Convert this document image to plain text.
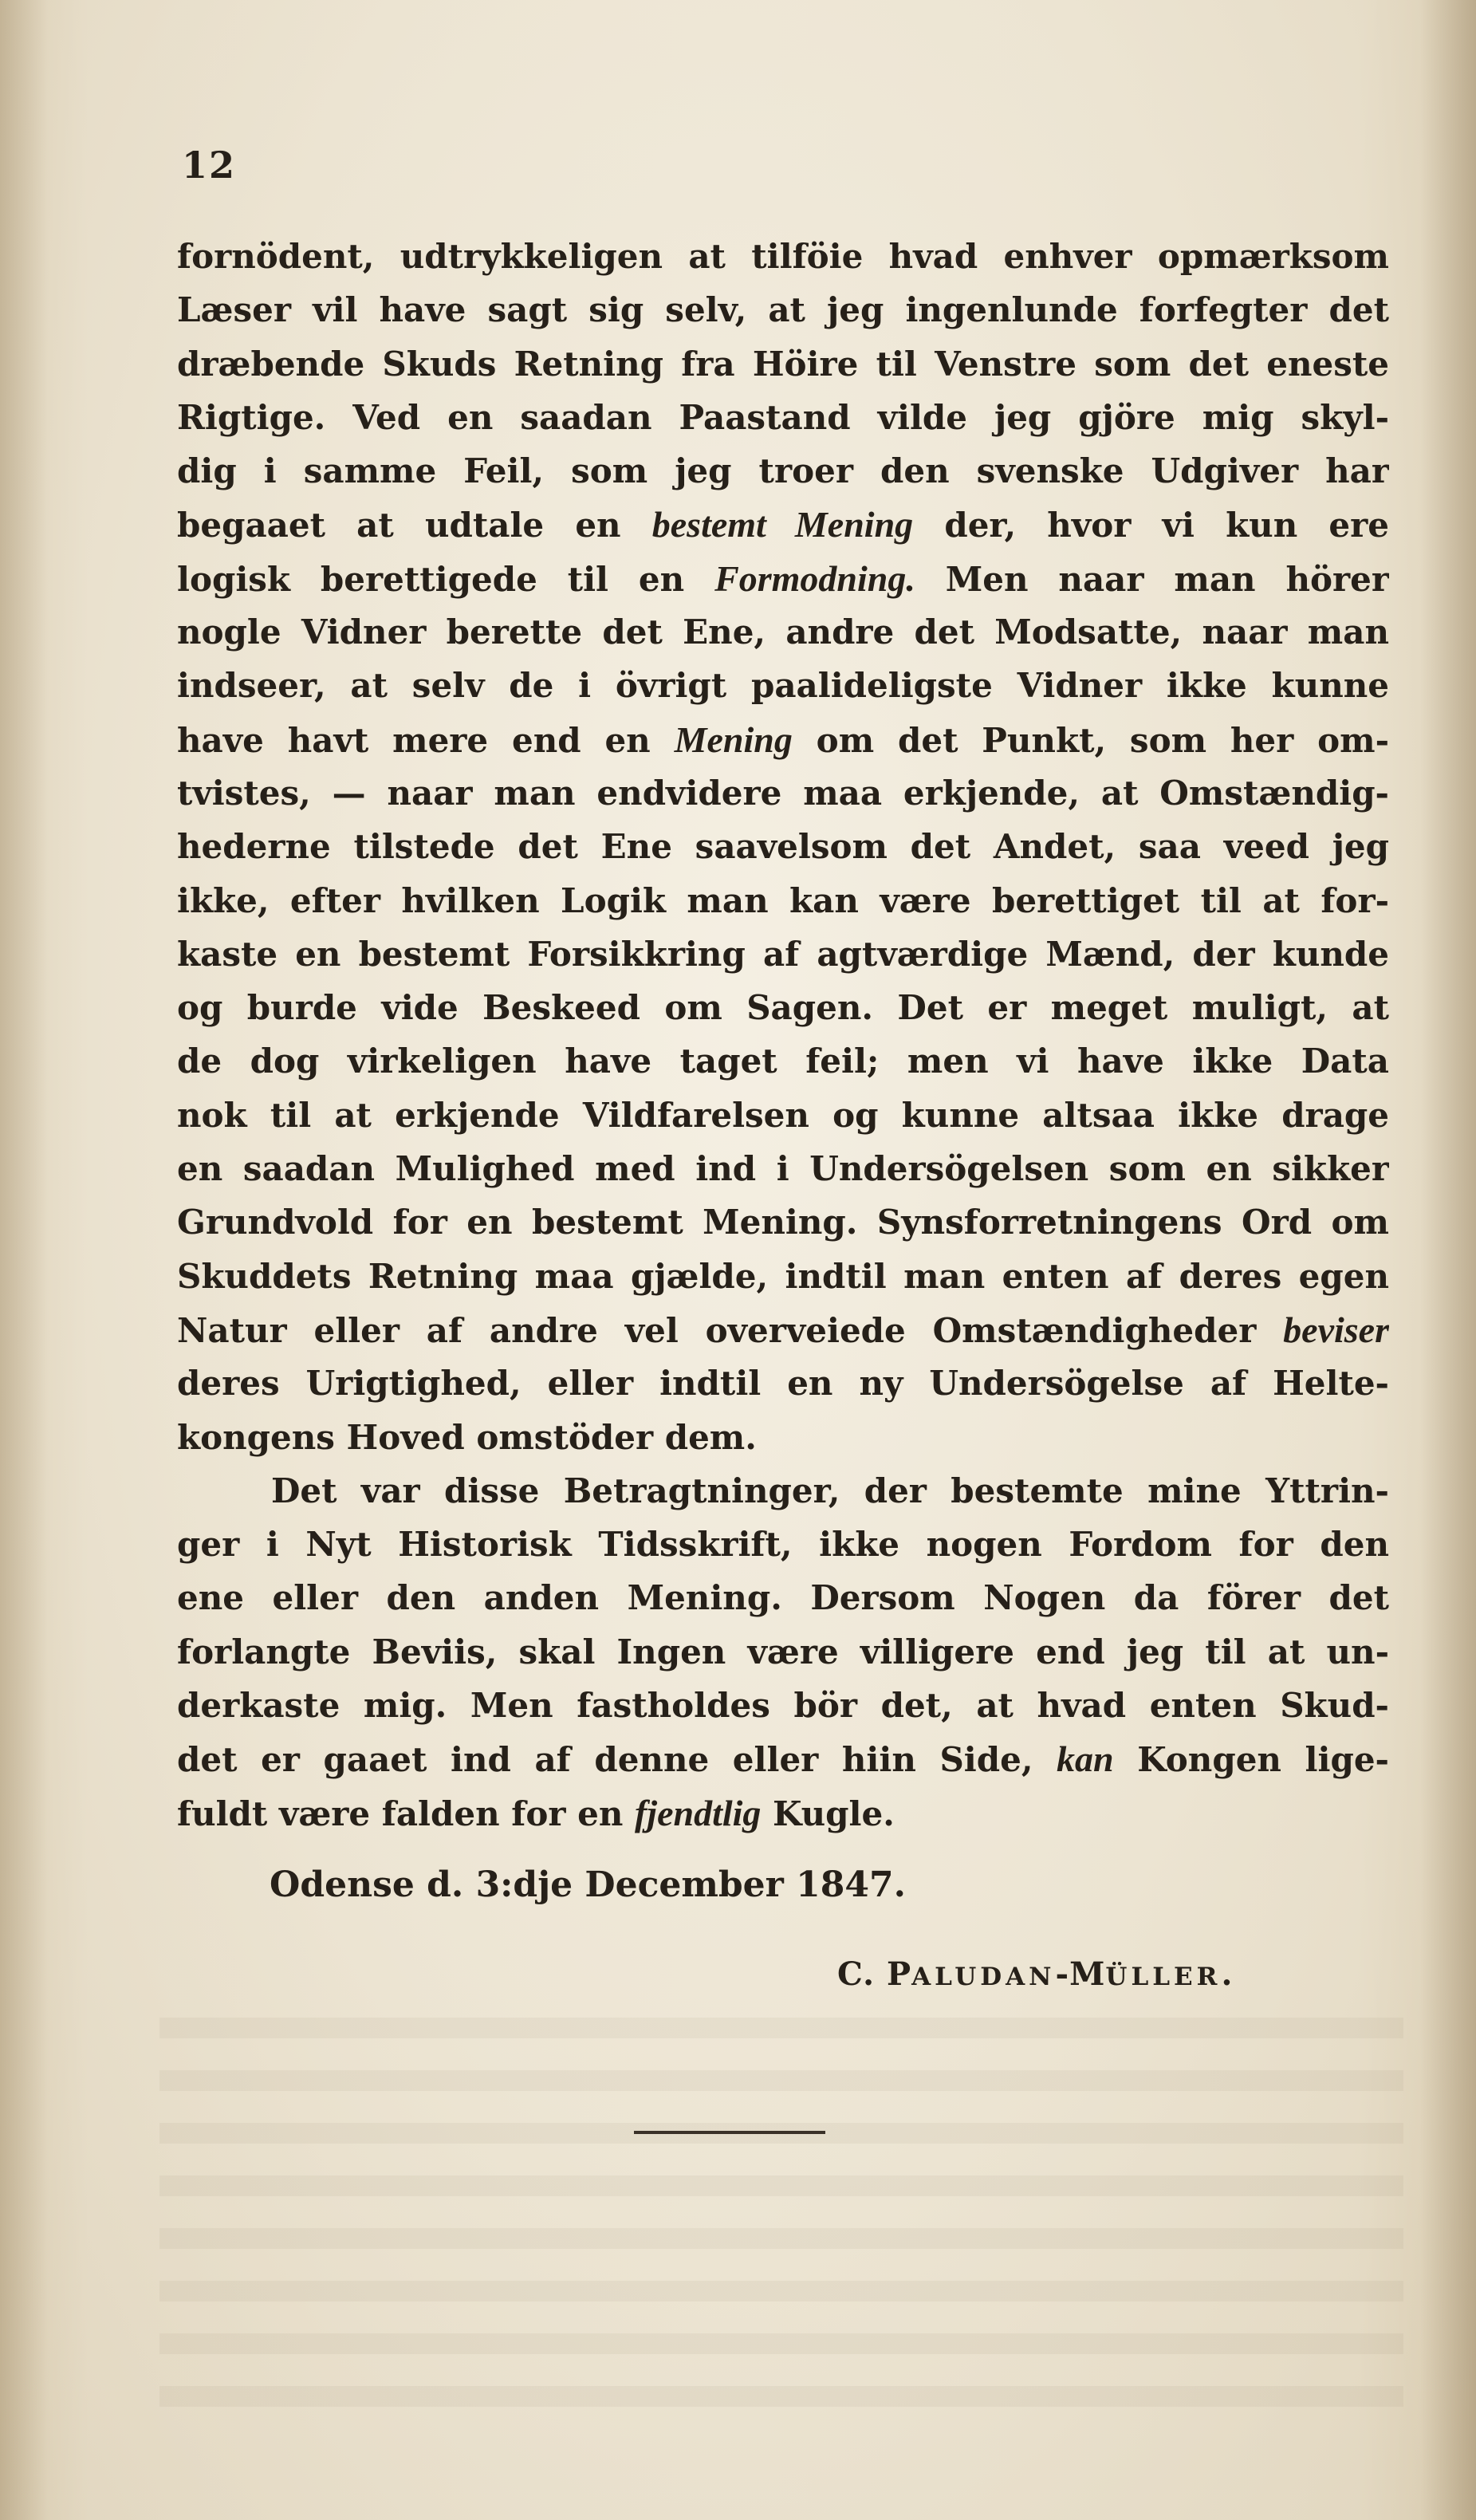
12
fornödent, udtrykkeligen at tilföie hvad enhver opmærksom
Læser vil have sagt sig selv, at jeg ingenlunde forfegter det
dræbende Skuds Retning fra Höire til Venstre som det eneste
Rigtige. Ved en saadan Paastand vilde jeg gjöre mig skyl-
dig i samme Feil, som jeg troer den svenske Udgiver har
begaaet at udtale en bestemt Mening der, hvor vi kun ere
logisk berettigede til en Formodning. Men naar man hörer
nogle Vidner berette det Ene, andre det Modsatte, naar man
indseer, at selv de i övrigt paalideligste Vidner ikke kunne
have havt mere end en Mening om det Punkt, som her om-
tvistes, — naar man endvidere maa erkjende, at Omstændig-
hederne tilstede det Ene saavelsom det Andet, saa veed jeg
ikke, efter hvilken Logik man kan være berettiget til at for-
kaste en bestemt Forsikkring af agtværdige Mænd, der kunde
og burde vide Beskeed om Sagen. Det er meget muligt, at
de dog virkeligen have taget feil; men vi have ikke Data
nok til at erkjende Vildfarelsen og kunne altsaa ikke drage
en saadan Mulighed med ind i Undersögelsen som en sikker
Grundvold for en bestemt Mening. Synsforretningens Ord om
Skuddets Retning maa gjælde, indtil man enten af deres egen
Natur eller af andre vel overveiede Omstændigheder beviser
deres Urigtighed, eller indtil en ny Undersögelse af Helte-
kongens Hoved omstöder dem.
Det var disse Betragtninger, der bestemte mine Yttrin-
ger i Nyt Historisk Tidsskrift, ikke nogen Fordom for den
ene eller den anden Mening. Dersom Nogen da förer det
forlangte Beviis, skal Ingen være villigere end jeg til at un-
derkaste mig. Men fastholdes bör det, at hvad enten Skud-
det er gaaet ind af denne eller hiin Side, kan Kongen lige-
fuldt være falden for en fjendtlig Kugle.
Odense d. 3:dje December 1847.
C. PALUDAN-MÜLLER.
